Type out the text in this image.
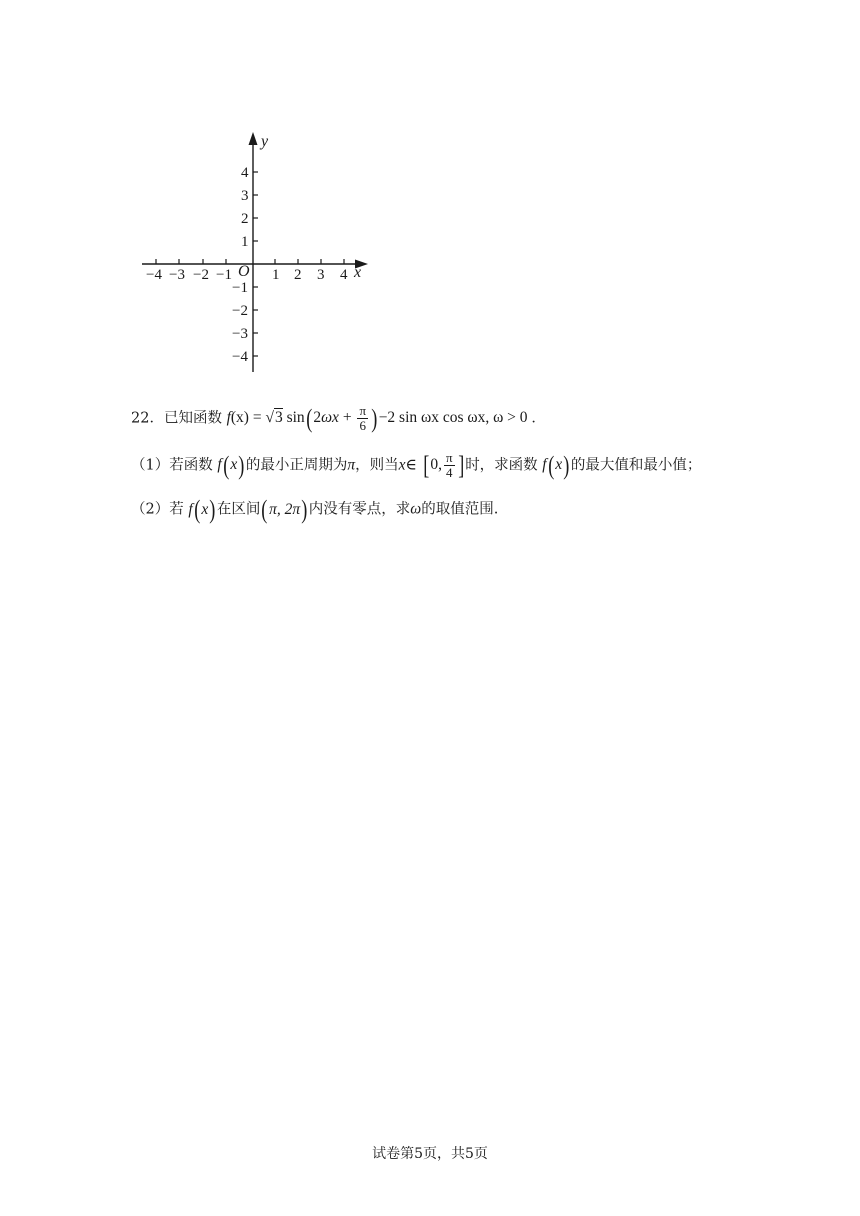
y
x
O
−4 −3 −2 −1	1 2 3 4
4
3
2
1
−1
−2
−3
−4
22．已知函数 f(x) = √3 $\sin(2\omega x + \frac{\pi}{6} )-2$ sin ωx cos ωx, ω > 0 ．
（1）若函数 f(x)的最小正周期为π，则当x∈ [0, $\frac{\pi}{4}$ ]时，求函数 f(x)的最大值和最小值；
（2）若 f(x)在区间(π, 2π)内没有零点，求ω的取值范围.
试卷第5页，共5页
